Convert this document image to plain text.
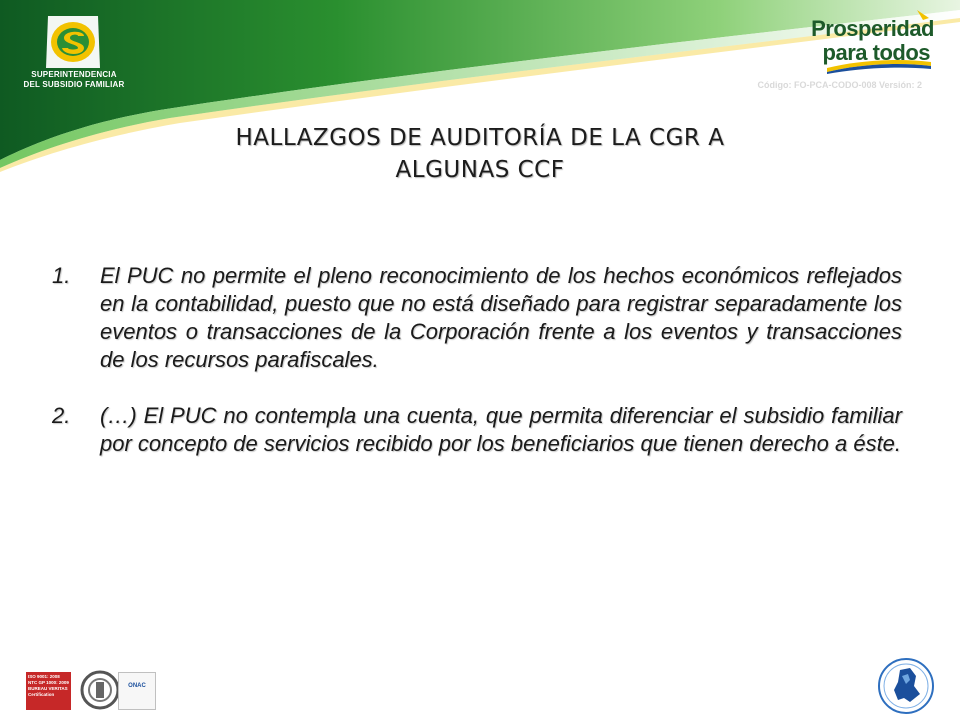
SUPERINTENDENCIA
DEL SUBSIDIO FAMILIAR
Prosperidad
para todos
Código: FO-PCA-CODO-008 Versión: 2
HALLAZGOS DE AUDITORÍA DE LA CGR A
ALGUNAS CCF
1.	El PUC no permite el pleno reconocimiento de los hechos económicos reflejados en la contabilidad, puesto que no está diseñado para registrar separadamente los eventos o transacciones de la Corporación frente a los eventos y transacciones de los recursos parafiscales.
2.	(…) El PUC no contempla una cuenta, que permita diferenciar el subsidio familiar por concepto de servicios recibido por los beneficiarios que tienen derecho a éste.
ISO 9001: 2008
NTC GP 1000: 2009
BUREAU VERITAS
Certification
ONAC
